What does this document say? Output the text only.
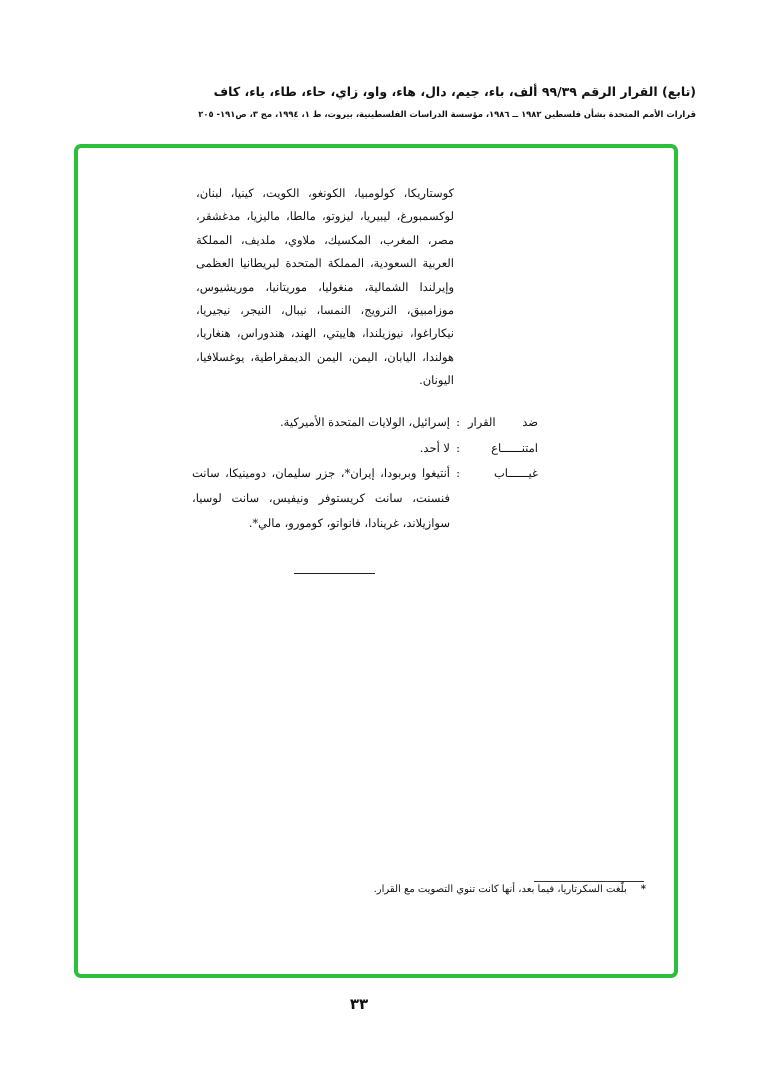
(تابع) القرار الرقم ٩٩/٣٩ ألف، باء، جيم، دال، هاء، واو، زاي، حاء، طاء، ياء، كاف
قرارات الأمم المتحدة بشأن فلسطين ١٩٨٢ ــ ١٩٨٦، مؤسسة الدراسات الفلسطينية، بيروت، ط ١، ١٩٩٤، مج ٣، ص١٩١- ٢٠٥
كوستاريكا، كولومبيا، الكونغو، الكويت، كينيا، لبنان، لوكسمبورغ، ليبيريا، ليزوتو، مالطا، ماليزيا، مدغشقر، مصر، المغرب، المكسيك، ملاوي، ملديف، المملكة العربية السعودية، المملكة المتحدة لبريطانيا العظمى وإيرلندا الشمالية، منغوليا، موريتانيا، موريشيوس، موزامبيق، النرويج، النمسا، نيبال، النيجر، نيجيريا، نيكاراغوا، نيوزيلندا، هاييتي، الهند، هندوراس، هنغاريا، هولندا، اليابان، اليمن، اليمن الديمقراطية، يوغسلافيا، اليونان.
ضد القرار
:
إسرائيل، الولايات المتحدة الأميركية.
امتنــــــاع
:
لا أحد.
غيــــــاب
:
أنتيغوا وبربودا، إيران*، جزر سليمان، دومينيكا، سانت فنسنت، سانت كريستوفر ونيفيس، سانت لوسيا، سوازيلاند، غرينادا، فانواتو، كومورو، مالي*.
*بلّغت السكرتاريا، فيما بعد، أنها كانت تنوي التصويت مع القرار.
٣٣
